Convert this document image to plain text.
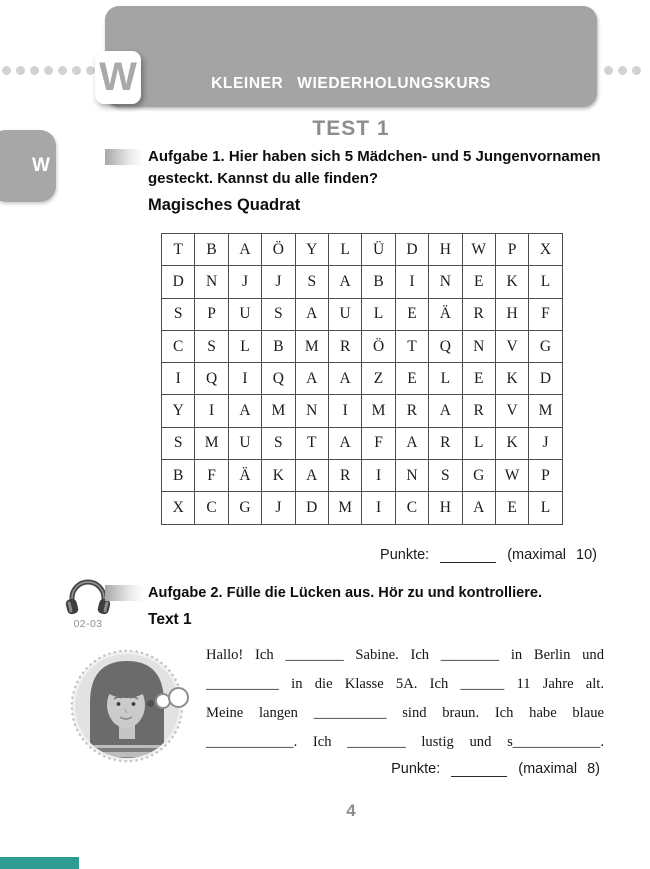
KLEINER WIEDERHOLUNGSKURS
W
W
TEST 1
Aufgabe 1. Hier haben sich 5 Mädchen- und 5 Jungenvornamen
gesteckt. Kannst du alle finden?
Magisches Quadrat
T	B	A	Ö	Y	L	Ü	D	H	W	P	X
D	N	J	J	S	A	B	I	N	E	K	L
S	P	U	S	A	U	L	E	Ä	R	H	F
C	S	L	B	M	R	Ö	T	Q	N	V	G
I	Q	I	Q	A	A	Z	E	L	E	K	D
Y	I	A	M	N	I	M	R	A	R	V	M
S	M	U	S	T	A	F	A	R	L	K	J
B	F	Ä	K	A	R	I	N	S	G	W	P
X	C	G	J	D	M	I	C	H	A	E	L
Punkte:	(maximal 10)
02-03
Aufgabe 2. Fülle die Lücken aus. Hör zu und kontrolliere.
Text 1
Hallo! Ich ________ Sabine. Ich ________ in Berlin und
__________ in die Klasse 5A. Ich ______ 11 Jahre alt.
Meine langen __________ sind braun. Ich habe blaue
____________. Ich ________ lustig und s____________.
Punkte:	(maximal 8)
4
